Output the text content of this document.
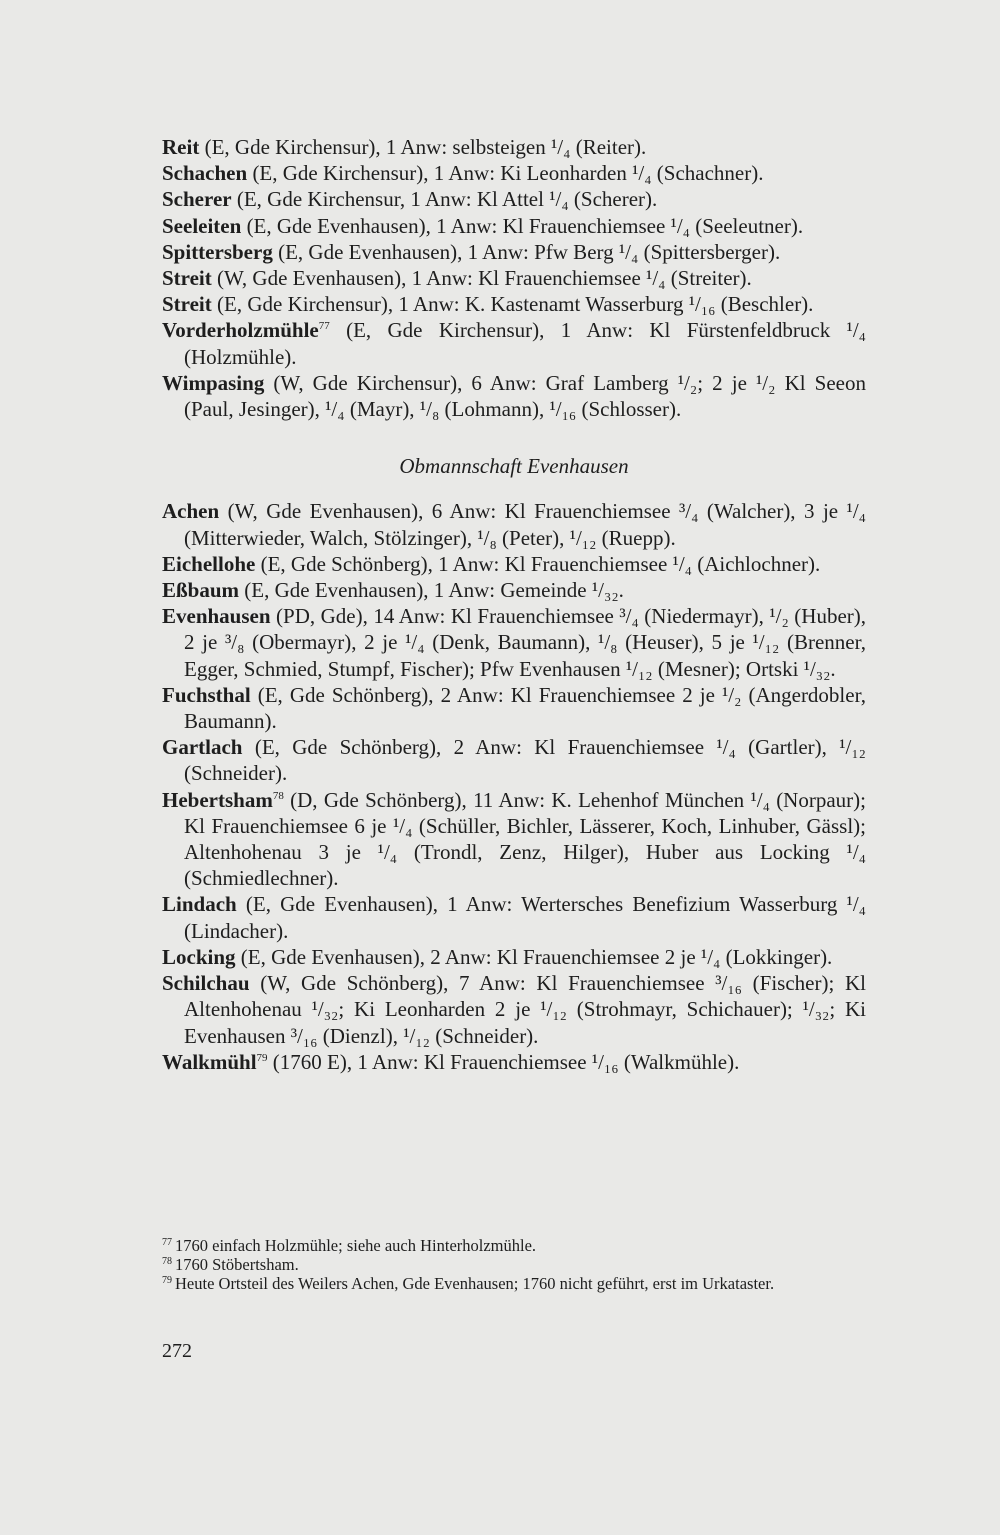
Reit (E, Gde Kirchensur), 1 Anw: selbsteigen ¹/₄ (Reiter).

Schachen (E, Gde Kirchensur), 1 Anw: Ki Leonharden ¹/₄ (Schachner).

Scherer (E, Gde Kirchensur, 1 Anw: Kl Attel ¹/₄ (Scherer).

Seeleiten (E, Gde Evenhausen), 1 Anw: Kl Frauenchiemsee ¹/₄ (Seeleutner).

Spittersberg (E, Gde Evenhausen), 1 Anw: Pfw Berg ¹/₄ (Spittersberger).

Streit (W, Gde Evenhausen), 1 Anw: Kl Frauenchiemsee ¹/₄ (Streiter).

Streit (E, Gde Kirchensur), 1 Anw: K. Kastenamt Wasserburg ¹/₁₆ (Beschler).

Vorderholzmühle$^{77}$ (E, Gde Kirchensur), 1 Anw: Kl Fürstenfeldbruck ¹/₄ (Holzmühle).

Wimpasing (W, Gde Kirchensur), 6 Anw: Graf Lamberg ¹/₂; 2 je ¹/₂ Kl Seeon (Paul, Jesinger), ¹/₄ (Mayr), ¹/₈ (Lohmann), ¹/₁₆ (Schlosser).

Obmannschaft Evenhausen

Achen (W, Gde Evenhausen), 6 Anw: Kl Frauenchiemsee ³/₄ (Walcher), 3 je ¹/₄ (Mitterwieder, Walch, Stölzinger), ¹/₈ (Peter), ¹/₁₂ (Ruepp).

Eichellohe (E, Gde Schönberg), 1 Anw: Kl Frauenchiemsee ¹/₄ (Aichlochner).

Eßbaum (E, Gde Evenhausen), 1 Anw: Gemeinde ¹/₃₂.

Evenhausen (PD, Gde), 14 Anw: Kl Frauenchiemsee ³/₄ (Niedermayr), ¹/₂ (Huber), 2 je ³/₈ (Obermayr), 2 je ¹/₄ (Denk, Baumann), ¹/₈ (Heuser), 5 je ¹/₁₂ (Brenner, Egger, Schmied, Stumpf, Fischer); Pfw Evenhausen ¹/₁₂ (Mesner); Ortski ¹/₃₂.

Fuchsthal (E, Gde Schönberg), 2 Anw: Kl Frauenchiemsee 2 je ¹/₂ (Angerdobler, Baumann).

Gartlach (E, Gde Schönberg), 2 Anw: Kl Frauenchiemsee ¹/₄ (Gartler), ¹/₁₂ (Schneider).

Hebertsham$^{78}$ (D, Gde Schönberg), 11 Anw: K. Lehenhof München ¹/₄ (Norpaur); Kl Frauenchiemsee 6 je ¹/₄ (Schüller, Bichler, Lässerer, Koch, Linhuber, Gässl); Altenhohenau 3 je ¹/₄ (Trondl, Zenz, Hilger), Huber aus Locking ¹/₄ (Schmiedlechner).

Lindach (E, Gde Evenhausen), 1 Anw: Wertersches Benefizium Wasserburg ¹/₄ (Lindacher).

Locking (E, Gde Evenhausen), 2 Anw: Kl Frauenchiemsee 2 je ¹/₄ (Lokkinger).

Schilchau (W, Gde Schönberg), 7 Anw: Kl Frauenchiemsee ³/₁₆ (Fischer); Kl Altenhohenau ¹/₃₂; Ki Leonharden 2 je ¹/₁₂ (Strohmayr, Schichauer); ¹/₃₂; Ki Evenhausen ³/₁₆ (Dienzl), ¹/₁₂ (Schneider).

Walkmühl$^{79}$ (1760 E), 1 Anw: Kl Frauenchiemsee ¹/₁₆ (Walkmühle).

$^{77}$ 1760 einfach Holzmühle; siehe auch Hinterholzmühle.

$^{78}$ 1760 Stöbertsham.

$^{79}$ Heute Ortsteil des Weilers Achen, Gde Evenhausen; 1760 nicht geführt, erst im Urkataster.

272
